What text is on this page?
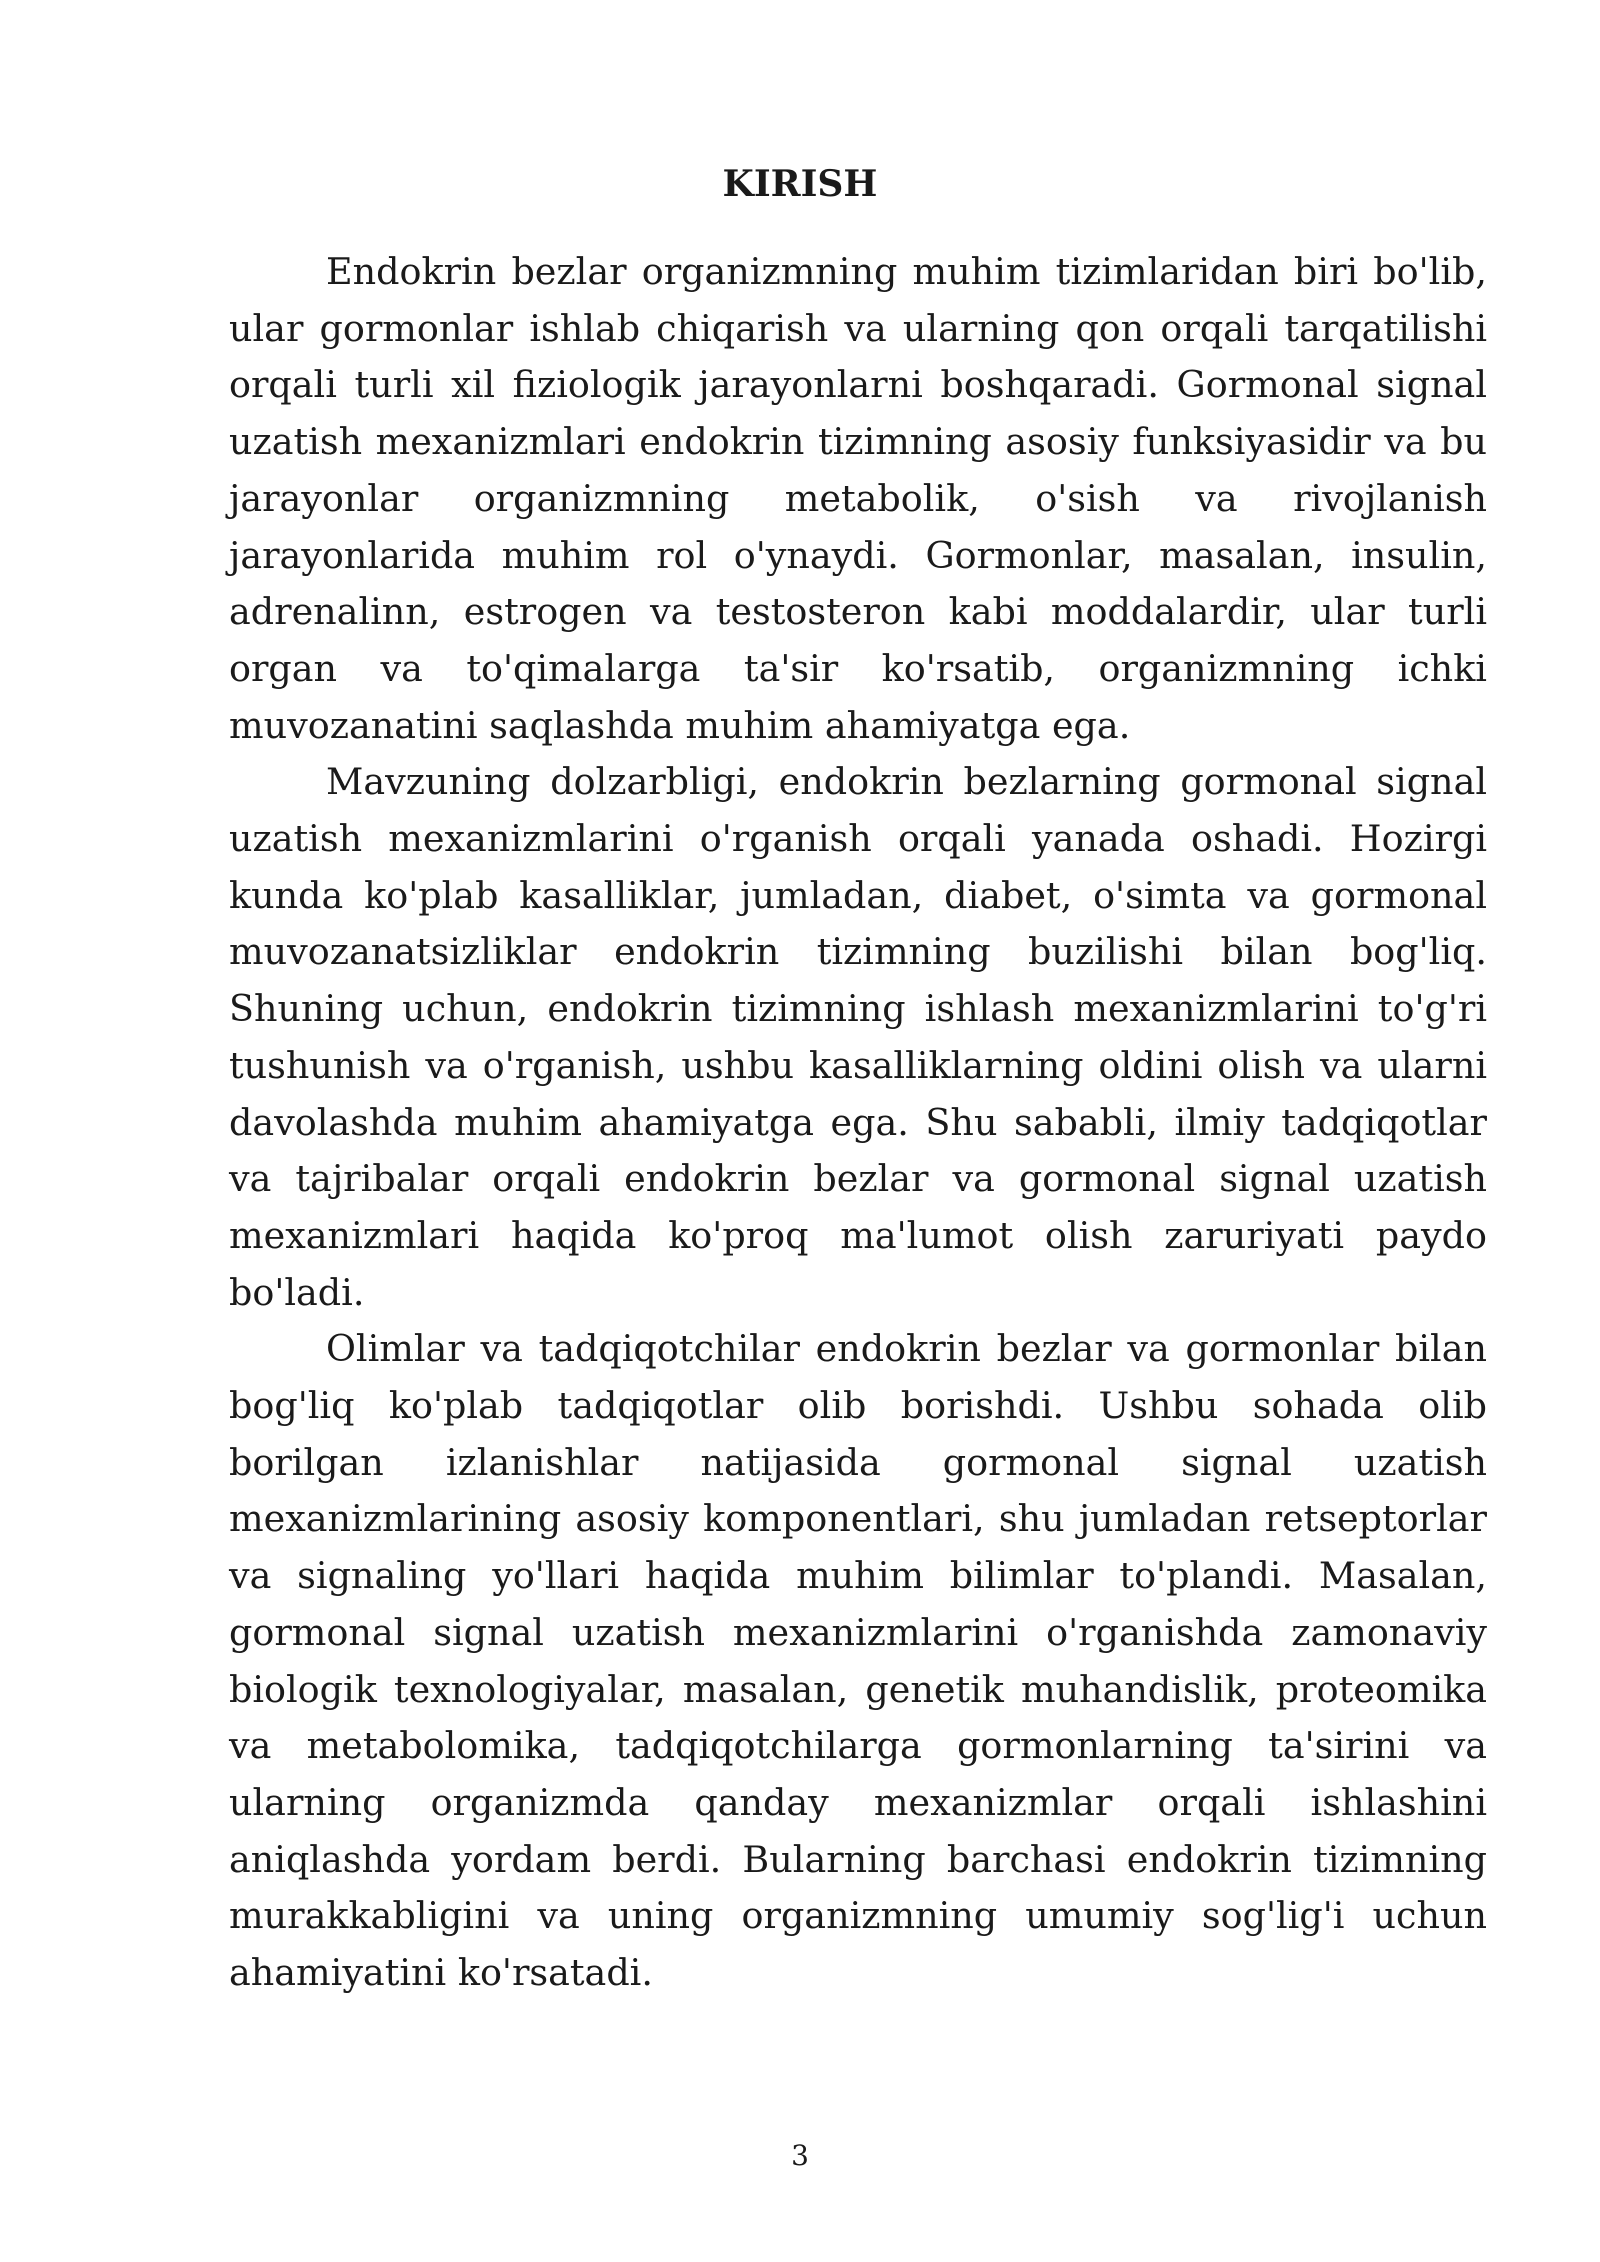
KIRISH

Endokrin bezlar organizmning muhim tizimlaridan biri bo'lib, ular gormonlar ishlab chiqarish va ularning qon orqali tarqatilishi orqali turli xil fiziologik jarayonlarni boshqaradi. Gormonal signal uzatish mexanizmlari endokrin tizimning asosiy funksiyasidir va bu jarayonlar organizmning metabolik, o'sish va rivojlanish jarayonlarida muhim rol o'ynaydi. Gormonlar, masalan, insulin, adrenalinn, estrogen va testosteron kabi moddalardir, ular turli organ va to'qimalarga ta'sir ko'rsatib, organizmning ichki muvozanatini saqlashda muhim ahamiyatga ega.

Mavzuning dolzarbligi, endokrin bezlarning gormonal signal uzatish mexanizmlarini o'rganish orqali yanada oshadi. Hozirgi kunda ko'plab kasalliklar, jumladan, diabet, o'simta va gormonal muvozanatsizliklar endokrin tizimning buzilishi bilan bog'liq. Shuning uchun, endokrin tizimning ishlash mexanizmlarini to'g'ri tushunish va o'rganish, ushbu kasalliklarning oldini olish va ularni davolashda muhim ahamiyatga ega. Shu sababli, ilmiy tadqiqotlar va tajribalar orqali endokrin bezlar va gormonal signal uzatish mexanizmlari haqida ko'proq ma'lumot olish zaruriyati paydo bo'ladi.

Olimlar va tadqiqotchilar endokrin bezlar va gormonlar bilan bog'liq ko'plab tadqiqotlar olib borishdi. Ushbu sohada olib borilgan izlanishlar natijasida gormonal signal uzatish mexanizmlarining asosiy komponentlari, shu jumladan retseptorlar va signaling yo'llari haqida muhim bilimlar to'plandi. Masalan, gormonal signal uzatish mexanizmlarini o'rganishda zamonaviy biologik texnologiyalar, masalan, genetik muhandislik, proteomika va metabolomika, tadqiqotchilarga gormonlarning ta'sirini va ularning organizmda qanday mexanizmlar orqali ishlashini aniqlashda yordam berdi. Bularning barchasi endokrin tizimning murakkabligini va uning organizmning umumiy sog'lig'i uchun ahamiyatini ko'rsatadi.

3
